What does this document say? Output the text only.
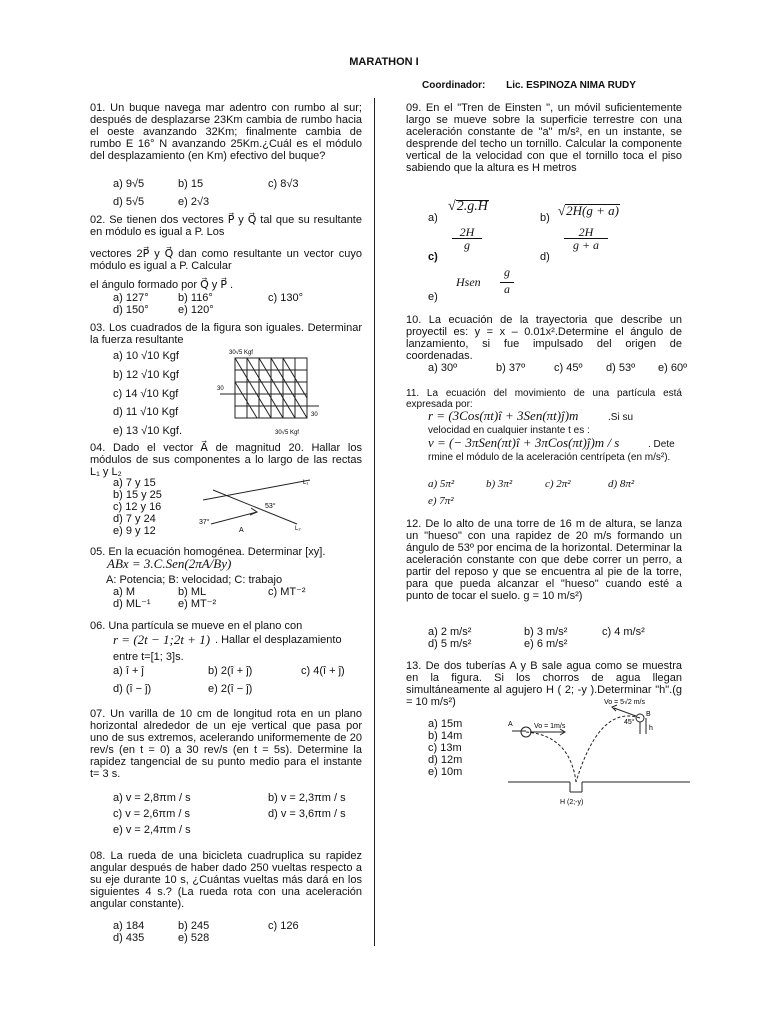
MARATHON I
Coordinador: Lic. ESPINOZA NIMA RUDY
01. Un buque navega mar adentro con rumbo al sur; después de desplazarse 23Km cambia de rumbo hacia el oeste avanzando 32Km; finalmente cambia de rumbo E 16° N avanzando 25Km.¿Cuál es el módulo del desplazamiento (en Km) efectivo del buque?
a) 9√5	b) 15	c) 8√3
d) 5√5	e) 2√3
02. Se tienen dos vectores P⃗ y Q⃗ tal que su resultante en módulo es igual a P. Los
vectores 2P⃗ y Q⃗ dan como resultante un vector cuyo módulo es igual a P. Calcular
el ángulo formado por Q⃗ y P⃗ .
a) 127°	b) 116°	c) 130°
d) 150°	e) 120°
03. Los cuadrados de la figura son iguales. Determinar la fuerza resultante
a) 10 √10 Kgf
b) 12 √10 Kgf
c) 14 √10 Kgf
d) 11 √10 Kgf
e) 13 √10 Kgf.
30√5 Kgf
30√5 Kgf
30
30
04. Dado el vector A⃗ de magnitud 20. Hallar los módulos de sus componentes a lo largo de las rectas L₁ y L₂
a) 7 y 15
b) 15 y 25
c) 12 y 16
d) 7 y 24
e) 9 y 12
53°
37°
A
L₁
L₂
05. En la ecuación homogénea. Determinar [xy].
ABx = 3.C.Sen(2πA/By)
A: Potencia; B: velocidad; C: trabajo
a) M	b) ML	c) MT⁻²
d) ML⁻¹ e) MT⁻²
06. Una partícula se mueve en el plano con
r = (2t − 1;2t + 1) . Hallar el desplazamiento
entre t=[1; 3]s.
a) î + ĵ	b) 2(î + ĵ)	c) 4(î + ĵ)
d) (î − ĵ)	e) 2(î − ĵ)
07. Un varilla de 10 cm de longitud rota en un plano horizontal alrededor de un eje vertical que pasa por uno de sus extremos, acelerando uniformemente de 20 rev/s (en t = 0) a 30 rev/s (en t = 5s). Determine la rapidez tangencial de su punto medio para el instante t= 3 s.
a) v = 2,8πm / s	b) v = 2,3πm / s
c) v = 2,6πm / s	d) v = 3,6πm / s
e) v = 2,4πm / s
08. La rueda de una bicicleta cuadruplica su rapidez angular después de haber dado 250 vueltas respecto a su eje durante 10 s, ¿Cuántas vueltas más dará en los siguientes 4 s.? (La rueda rota con una aceleración angular constante).
a) 184	b) 245	c) 126
d) 435	e) 528
09. En el "Tren de Einsten ", un móvil suficientemente largo se mueve sobre la superficie terrestre con una aceleración constante de "a" m/s², en un instante, se desprende del techo un tornillo. Calcular la componente vertical de la velocidad con que el tornillo toca el piso sabiendo que la altura es H metros
a)
√2.g.H
b) √2H(g + a)
c)
$\frac{2H}{g}$
d)
$\frac{2H}{g + a}$
e)
Hsen
g
a
10. La ecuación de la trayectoria que describe un proyectil es: y = x – 0.01x².Determine el ángulo de lanzamiento, si fue impulsado del origen de coordenadas.
a) 30º	b) 37º	c) 45º d) 53º e) 60º
11. La ecuación del movimiento de una partícula está expresada por:
r = (3Cos(πt)î + 3Sen(πt)ĵ)m	.Si su
velocidad en cualquier instante t es :
v = (− 3πSen(πt)î + 3πCos(πt)ĵ)m / s	. Dete
rmine el módulo de la aceleración centrípeta (en m/s²).
a) 5π²	b) 3π²	c) 2π²	d) 8π²
e) 7π²
12. De lo alto de una torre de 16 m de altura, se lanza un "hueso" con una rapidez de 20 m/s formando un ángulo de 53º por encima de la horizontal. Determinar la aceleración constante con que debe correr un perro, a partir del reposo y que se encuentra al pie de la torre, para que pueda alcanzar el "hueso" cuando esté a punto de tocar el suelo. g = 10 m/s²)
a) 2 m/s²	b) 3 m/s²	c) 4 m/s²
d) 5 m/s²	e) 6 m/s²
13. De dos tuberías A y B sale agua como se muestra en la figura. Si los chorros de agua llegan simultáneamente al agujero H ( 2; -y ).Determinar "h".(g = 10 m/s²)
a) 15m
b) 14m
c) 13m
d) 12m
e) 10m
Vo = 5√2 m/s
Vo = 1m/s
A
B
45°
h
H (2;-y)
